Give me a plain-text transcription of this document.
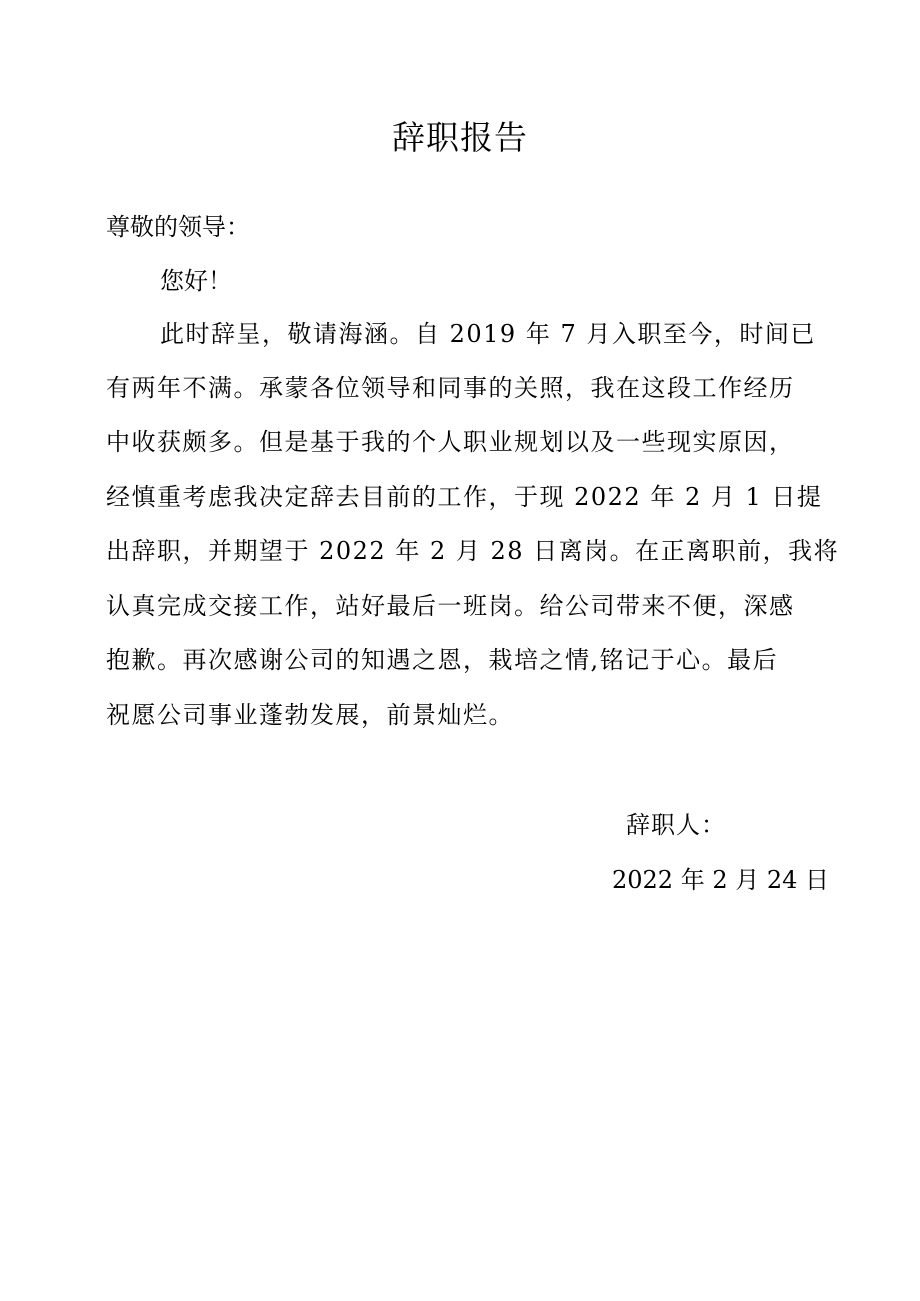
辞职报告
尊敬的领导：
您好！
此时辞呈，敬请海涵。自 2019 年 7 月入职至今，时间已
有两年不满。承蒙各位领导和同事的关照，我在这段工作经历
中收获颇多。但是基于我的个人职业规划以及一些现实原因，
经慎重考虑我决定辞去目前的工作，于现 2022 年 2 月 1 日提
出辞职，并期望于 2022 年 2 月 28 日离岗。在正离职前，我将
认真完成交接工作，站好最后一班岗。给公司带来不便，深感
抱歉。再次感谢公司的知遇之恩，栽培之情,铭记于心。最后
祝愿公司事业蓬勃发展，前景灿烂。
辞职人：
2022 年 2 月 24 日
